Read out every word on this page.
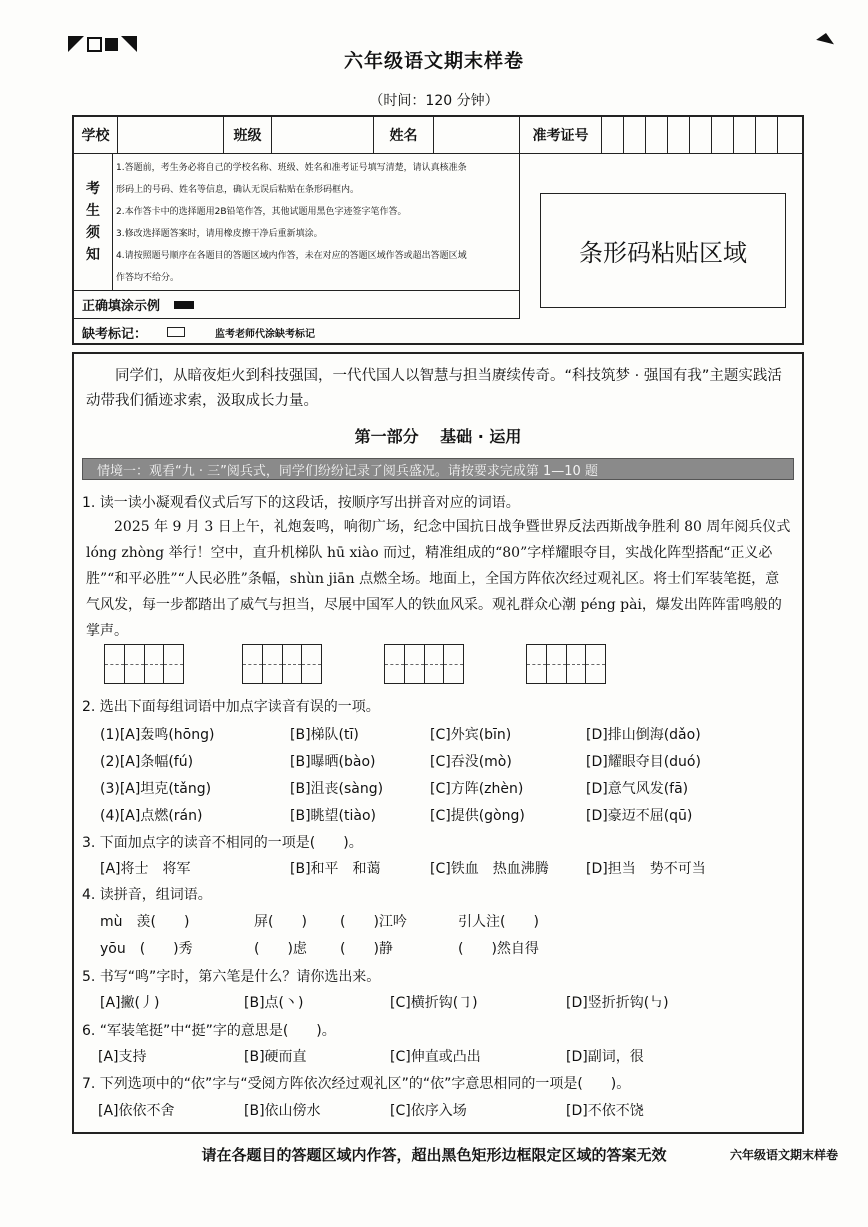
六年级语文期末样卷
（时间：120 分钟）
学校	班级	姓名	准考证号
考
生
须
知
1.答题前，考生务必将自己的学校名称、班级、姓名和准考证号填写清楚，请认真核准条
形码上的号码、姓名等信息，确认无误后粘贴在条形码框内。
2.本作答卡中的选择题用2B铅笔作答，其他试题用黑色字迹签字笔作答。
3.修改选择题答案时，请用橡皮擦干净后重新填涂。
4.请按照题号顺序在各题目的答题区域内作答，未在对应的答题区域作答或超出答题区域
作答均不给分。
条形码粘贴区域
正确填涂示例
缺考标记：	监考老师代涂缺考标记
同学们，从暗夜炬火到科技强国，一代代国人以智慧与担当赓续传奇。“科技筑梦 · 强国有我”主题实践活动带我们循迹求索，汲取成长力量。
第一部分 基础 · 运用
情境一：观看“九 · 三”阅兵式，同学们纷纷记录了阅兵盛况。请按要求完成第 1—10 题
1. 读一读小凝观看仪式后写下的这段话，按顺序写出拼音对应的词语。
2025 年 9 月 3 日上午，礼炮轰鸣，响彻广场，纪念中国抗日战争暨世界反法西斯战争胜利 80 周年阅兵仪式 lóng zhòng 举行！空中，直升机梯队 hū xiào 而过，精准组成的“80”字样耀眼夺目，实战化阵型搭配“正义必胜”“和平必胜”“人民必胜”条幅，shùn jiān 点燃全场。地面上，全国方阵依次经过观礼区。将士们军装笔挺，意气风发，每一步都踏出了威气与担当，尽展中国军人的铁血风采。观礼群众心潮 péng pài，爆发出阵阵雷鸣般的掌声。
2. 选出下面每组词语中加点字读音有误的一项。
(1)[A]轰鸣(hōng)	[B]梯队(tī)	[C]外宾(bīn)	[D]排山倒海(dǎo)
(2)[A]条幅(fú)	[B]曝晒(bào)	[C]吞没(mò)	[D]耀眼夺目(duó)
(3)[A]坦克(tǎng)	[B]沮丧(sàng)	[C]方阵(zhèn)	[D]意气风发(fā)
(4)[A]点燃(rán)	[B]眺望(tiào)	[C]提供(gòng)	[D]豪迈不屈(qū)
3. 下面加点字的读音不相同的一项是(　　)。
[A]将士　将军	[B]和平　和蔼	[C]铁血　热血沸腾	[D]担当　势不可当
4. 读拼音，组词语。
mù　羡(　　)	屏(　　) (　　)江吟	引人注(　　)
yōu　(　　)秀	(　　)虑 (　　)静	(　　)然自得
5. 书写“鸣”字时，第六笔是什么？请你选出来。
[A]撇(丿)	[B]点(丶)	[C]横折钩(㇆)	[D]竖折折钩(㇉)
6. “军装笔挺”中“挺”字的意思是(　　)。
[A]支持	[B]硬而直	[C]伸直或凸出	[D]副词，很
7. 下列选项中的“依”字与“受阅方阵依次经过观礼区”的“依”字意思相同的一项是(　　)。
[A]依依不舍	[B]依山傍水	[C]依序入场	[D]不依不饶
请在各题目的答题区域内作答，超出黑色矩形边框限定区域的答案无效	六年级语文期末样卷
